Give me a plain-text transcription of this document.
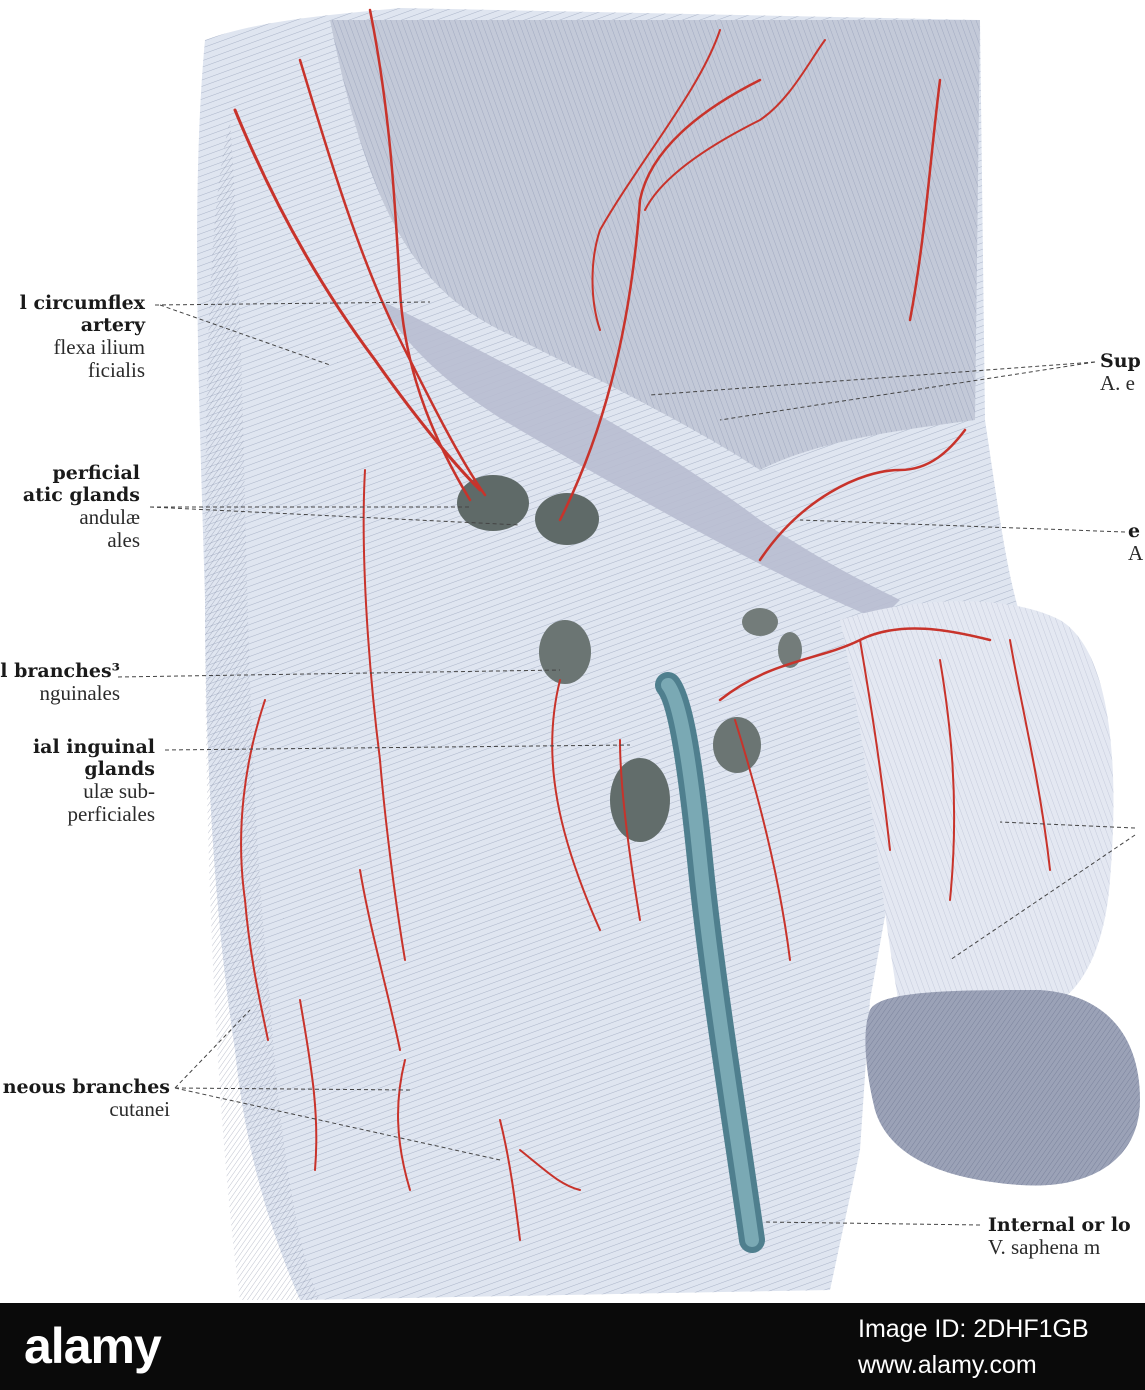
l circumflex
artery
flexa ilium
ficialis
perficial
atic glands
andulæ
ales
l branches³
nguinales
ial inguinal
glands
ulæ sub-
perficiales
neous branches
cutanei
Sup
A. e
e
A
Internal or lo
V. saphena m
alamy	Image ID: 2DHF1GB
www.alamy.com
